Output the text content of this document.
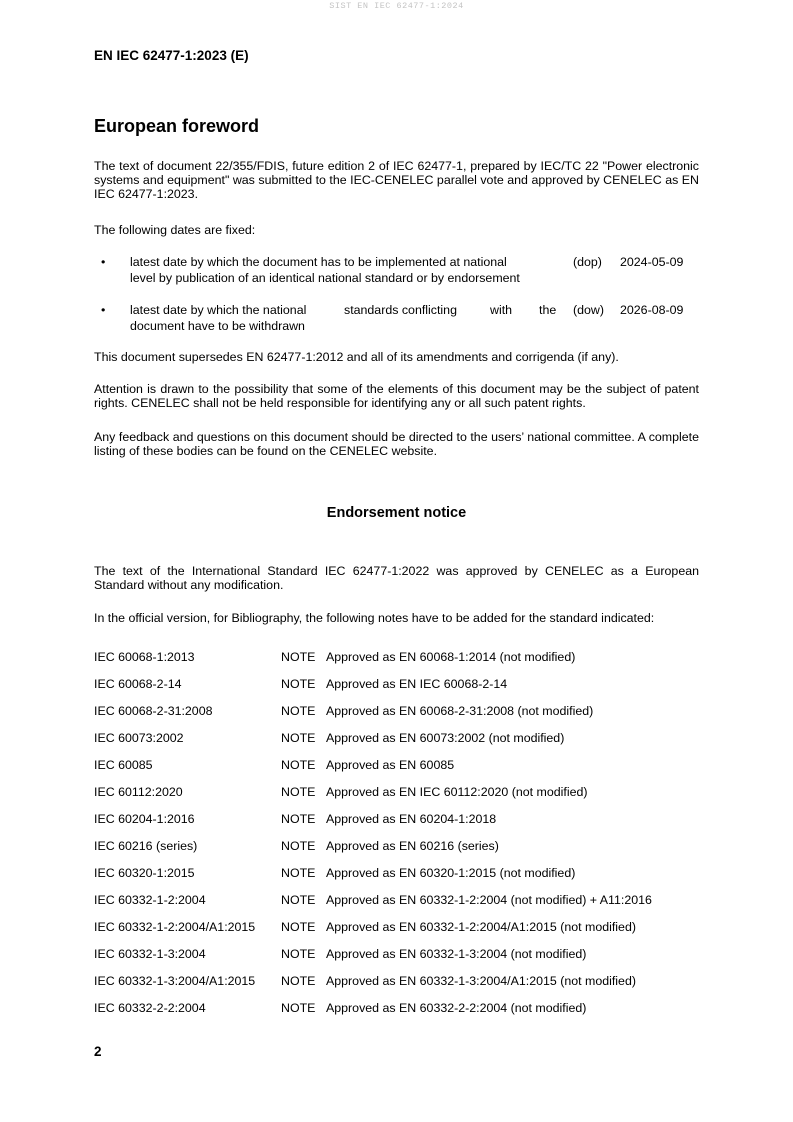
SIST EN IEC 62477-1:2024
EN IEC 62477-1:2023 (E)
European foreword
The text of document 22/355/FDIS, future edition 2 of IEC 62477-1, prepared by IEC/TC 22 "Power electronic systems and equipment" was submitted to the IEC-CENELEC parallel vote and approved by CENELEC as EN IEC 62477-1:2023.
The following dates are fixed:
• latest date by which the document has to be implemented at national level by publication of an identical national standard or by endorsement
(dop) 2024-05-09
• latest date by which the national	standards conflicting	with the
document have to be withdrawn
(dow) 2026-08-09
This document supersedes EN 62477-1:2012 and all of its amendments and corrigenda (if any).
Attention is drawn to the possibility that some of the elements of this document may be the subject of patent rights. CENELEC shall not be held responsible for identifying any or all such patent rights.
Any feedback and questions on this document should be directed to the users’ national committee. A complete listing of these bodies can be found on the CENELEC website.
Endorsement notice
The text of the International Standard IEC 62477-1:2022 was approved by CENELEC as a European Standard without any modification.
In the official version, for Bibliography, the following notes have to be added for the standard indicated:
IEC 60068-1:2013	NOTE Approved as EN 60068-1:2014 (not modified)
IEC 60068-2-14	NOTE Approved as EN IEC 60068-2-14
IEC 60068-2-31:2008	NOTE Approved as EN 60068-2-31:2008 (not modified)
IEC 60073:2002	NOTE Approved as EN 60073:2002 (not modified)
IEC 60085	NOTE Approved as EN 60085
IEC 60112:2020	NOTE Approved as EN IEC 60112:2020 (not modified)
IEC 60204-1:2016	NOTE Approved as EN 60204-1:2018
IEC 60216 (series)	NOTE Approved as EN 60216 (series)
IEC 60320-1:2015	NOTE Approved as EN 60320-1:2015 (not modified)
IEC 60332-1-2:2004	NOTE Approved as EN 60332-1-2:2004 (not modified) + A11:2016
IEC 60332-1-2:2004/A1:2015 NOTE Approved as EN 60332-1-2:2004/A1:2015 (not modified)
IEC 60332-1-3:2004	NOTE Approved as EN 60332-1-3:2004 (not modified)
IEC 60332-1-3:2004/A1:2015 NOTE Approved as EN 60332-1-3:2004/A1:2015 (not modified)
IEC 60332-2-2:2004	NOTE Approved as EN 60332-2-2:2004 (not modified)
2
